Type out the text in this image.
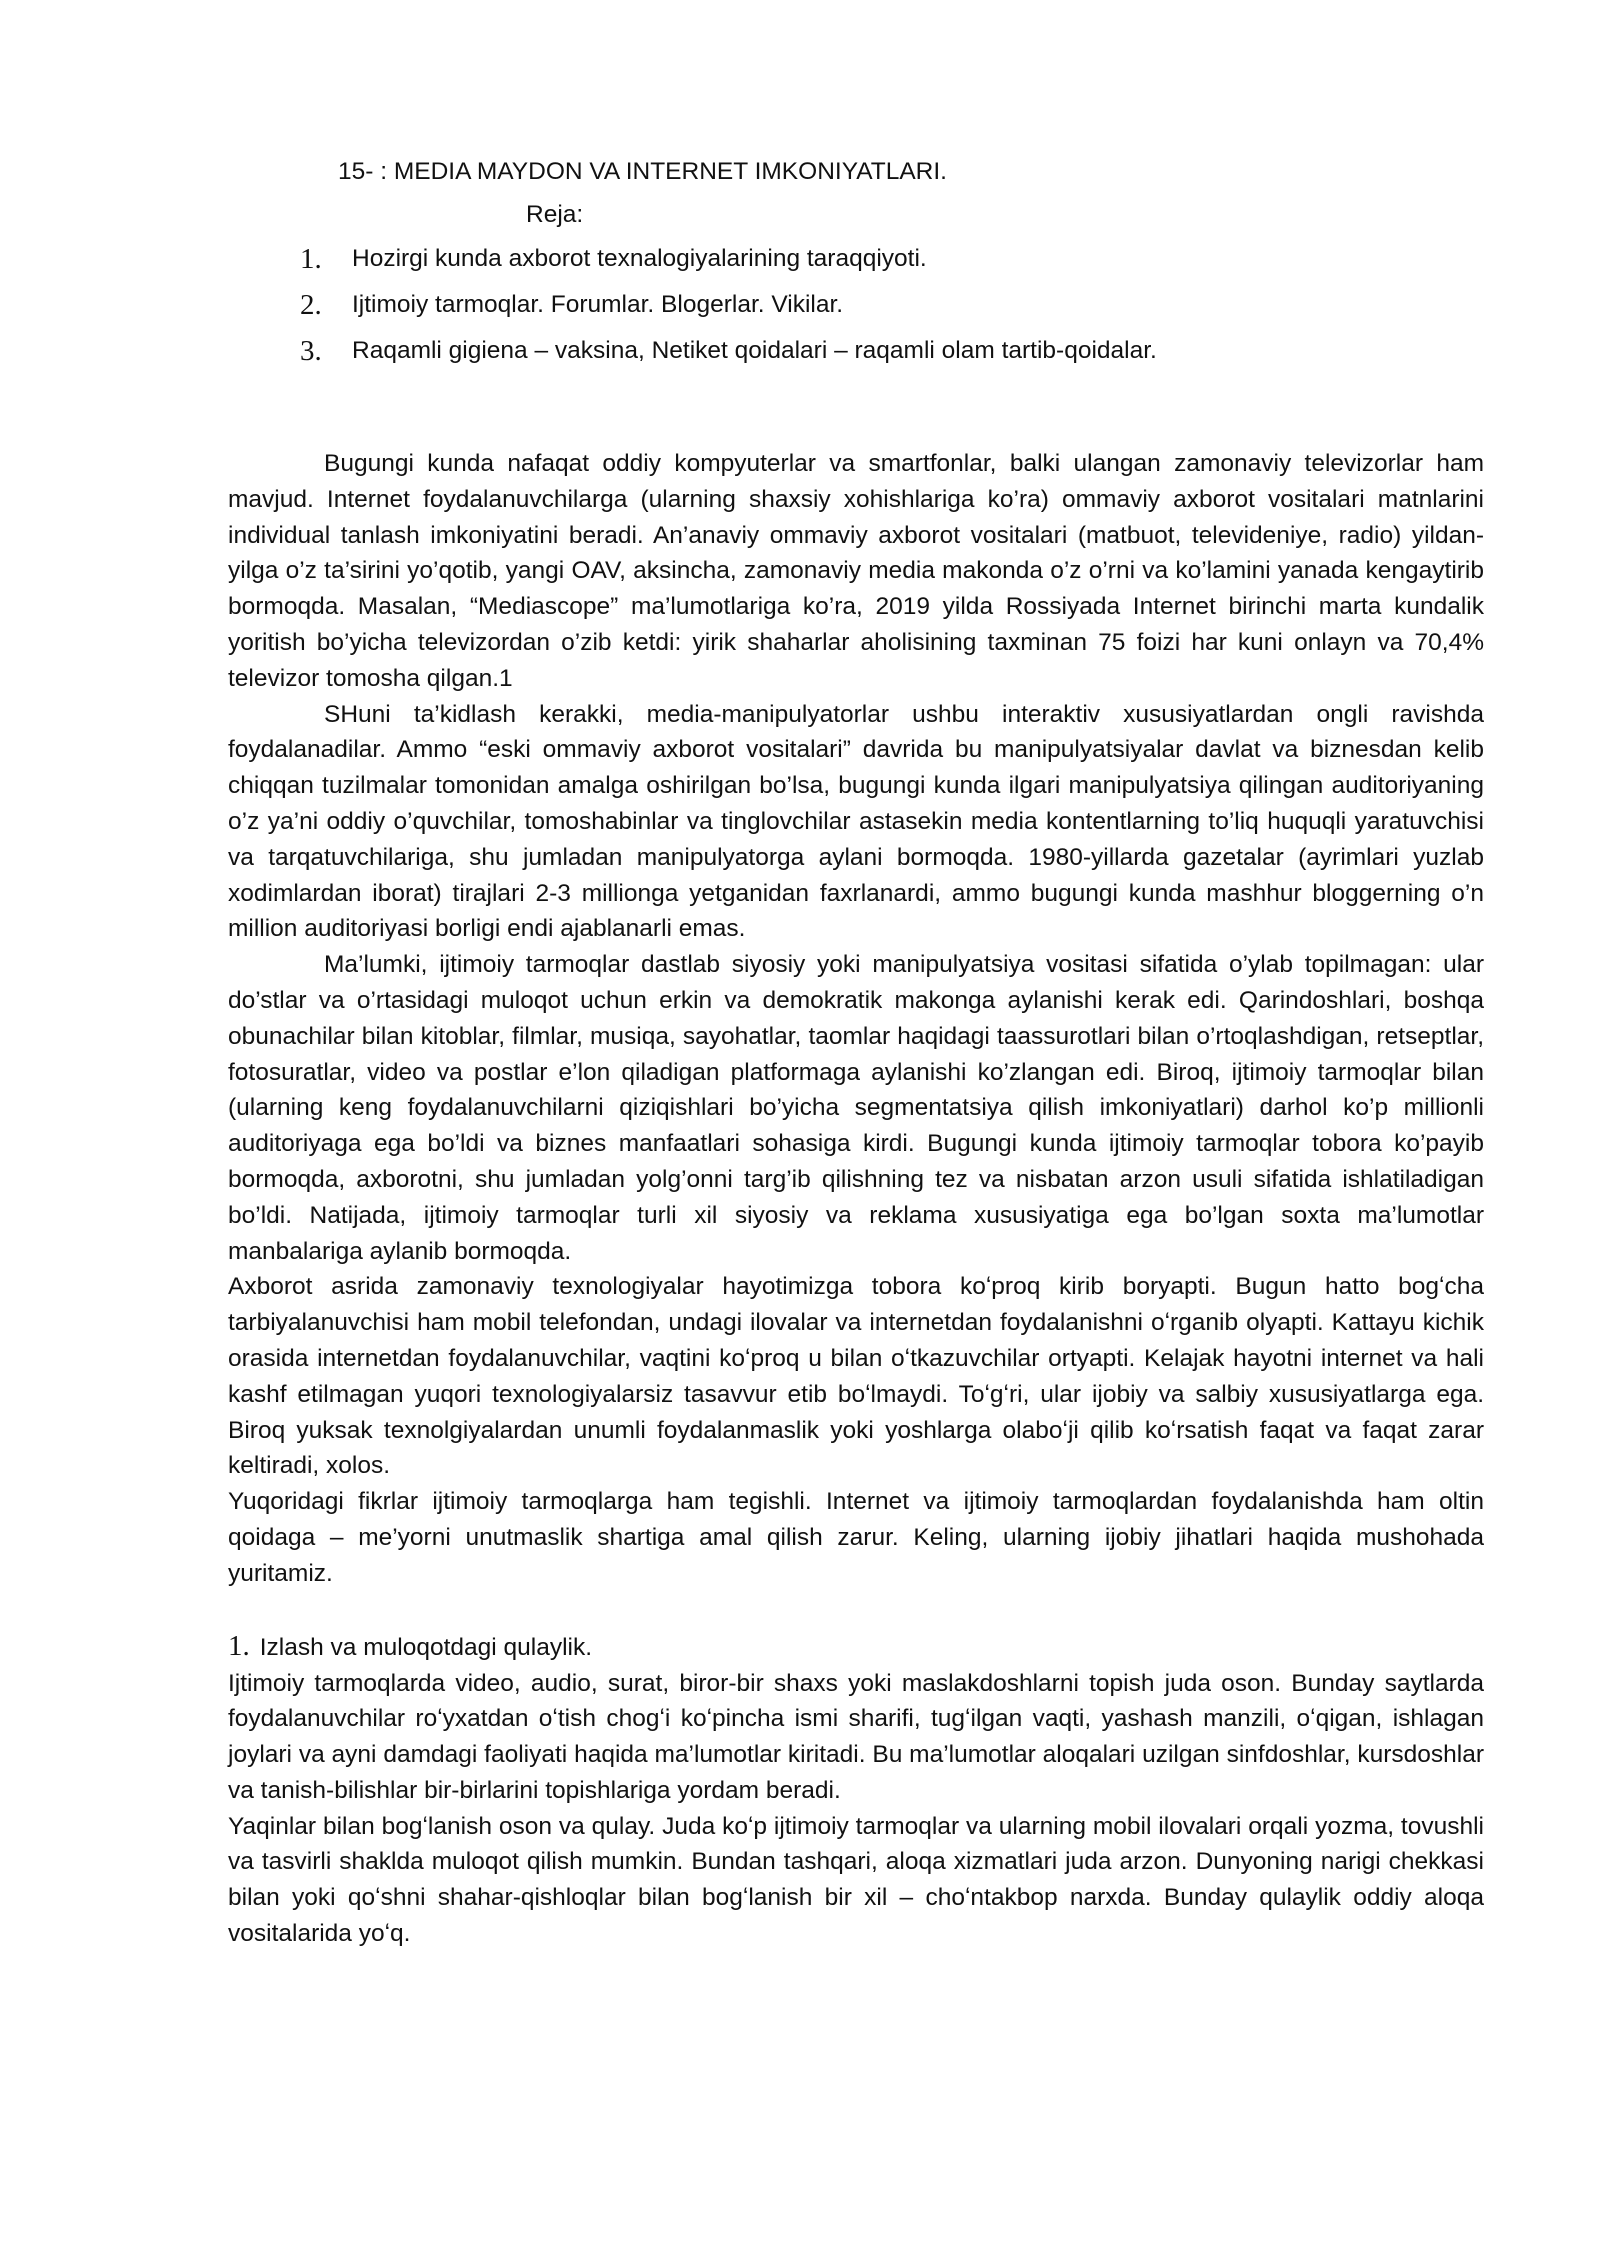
15- : MEDIA MAYDON VA INTERNET IMKONIYATLARI.
Reja:
1.	Hozirgi kunda axborot texnalogiyalarining taraqqiyoti.
2.	Ijtimoiy tarmoqlar. Forumlar. Blogerlar. Vikilar.
3.	Raqamli gigiena – vaksina, Netiket qoidalari – raqamli olam tartib-qoidalar.

Bugungi kunda nafaqat oddiy kompyuterlar va smartfonlar, balki ulangan zamonaviy televizorlar ham mavjud. Internet foydalanuvchilarga (ularning shaxsiy xohishlariga ko’ra) ommaviy axborot vositalari matnlarini individual tanlash imkoniyatini beradi. An’anaviy ommaviy axborot vositalari (matbuot, televideniye, radio) yildan-yilga o’z ta’sirini yo’qotib, yangi OAV, aksincha, zamonaviy media makonda o’z o’rni va ko’lamini yanada kengaytirib bormoqda. Masalan, “Mediascope” ma’lumotlariga ko’ra, 2019 yilda Rossiyada Internet birinchi marta kundalik yoritish bo’yicha televizordan o’zib ketdi: yirik shaharlar aholisining taxminan 75 foizi har kuni onlayn va 70,4% televizor tomosha qilgan.1

SHuni ta’kidlash kerakki, media-manipulyatorlar ushbu interaktiv xususiyatlardan ongli ravishda foydalanadilar. Ammo “eski ommaviy axborot vositalari” davrida bu manipulyatsiyalar davlat va biznesdan kelib chiqqan tuzilmalar tomonidan amalga oshirilgan bo’lsa, bugungi kunda ilgari manipulyatsiya qilingan auditoriyaning o’z ya’ni oddiy o’quvchilar, tomoshabinlar va tinglovchilar astasekin media kontentlarning to’liq huquqli yaratuvchisi va tarqatuvchilariga, shu jumladan manipulyatorga aylani bormoqda. 1980-yillarda gazetalar (ayrimlari yuzlab xodimlardan iborat) tirajlari 2-3 millionga yetganidan faxrlanardi, ammo bugungi kunda mashhur bloggerning o’n million auditoriyasi borligi endi ajablanarli emas.

Ma’lumki, ijtimoiy tarmoqlar dastlab siyosiy yoki manipulyatsiya vositasi sifatida o’ylab topilmagan: ular do’stlar va o’rtasidagi muloqot uchun erkin va demokratik makonga aylanishi kerak edi. Qarindoshlari, boshqa obunachilar bilan kitoblar, filmlar, musiqa, sayohatlar, taomlar haqidagi taassurotlari bilan o’rtoqlashdigan, retseptlar, fotosuratlar, video va postlar e’lon qiladigan platformaga aylanishi ko’zlangan edi. Biroq, ijtimoiy tarmoqlar bilan (ularning keng foydalanuvchilarni qiziqishlari bo’yicha segmentatsiya qilish imkoniyatlari) darhol ko’p millionli auditoriyaga ega bo’ldi va biznes manfaatlari sohasiga kirdi. Bugungi kunda ijtimoiy tarmoqlar tobora ko’payib bormoqda, axborotni, shu jumladan yolg’onni targ’ib qilishning tez va nisbatan arzon usuli sifatida ishlatiladigan bo’ldi. Natijada, ijtimoiy tarmoqlar turli xil siyosiy va reklama xususiyatiga ega bo’lgan soxta ma’lumotlar manbalariga aylanib bormoqda.

Axborot asrida zamonaviy texnologiyalar hayotimizga tobora koʻproq kirib boryapti. Bugun hatto bogʻcha tarbiyalanuvchisi ham mobil telefondan, undagi ilovalar va internetdan foydalanishni oʻrganib olyapti. Kattayu kichik orasida internetdan foydalanuvchilar, vaqtini koʻproq u bilan oʻtkazuvchilar ortyapti. Kelajak hayotni internet va hali kashf etilmagan yuqori texnologiyalarsiz tasavvur etib boʻlmaydi. Toʻgʻri, ular ijobiy va salbiy xususiyatlarga ega. Biroq yuksak texnolgiyalardan unumli foydalanmaslik yoki yoshlarga olaboʻji qilib koʻrsatish faqat va faqat zarar keltiradi, xolos.

Yuqoridagi fikrlar ijtimoiy tarmoqlarga ham tegishli. Internet va ijtimoiy tarmoqlardan foydalanishda ham oltin qoidaga – me’yorni unutmaslik shartiga amal qilish zarur. Keling, ularning ijobiy jihatlari haqida mushohada yuritamiz.

1. Izlash va muloqotdagi qulaylik.

Ijtimoiy tarmoqlarda video, audio, surat, biror-bir shaxs yoki maslakdoshlarni topish juda oson. Bunday saytlarda foydalanuvchilar roʻyxatdan oʻtish chogʻi koʻpincha ismi sharifi, tugʻilgan vaqti, yashash manzili, oʻqigan, ishlagan joylari va ayni damdagi faoliyati haqida ma’lumotlar kiritadi. Bu ma’lumotlar aloqalari uzilgan sinfdoshlar, kursdoshlar va tanish-bilishlar bir-birlarini topishlariga yordam beradi.

Yaqinlar bilan bogʻlanish oson va qulay. Juda koʻp ijtimoiy tarmoqlar va ularning mobil ilovalari orqali yozma, tovushli va tasvirli shaklda muloqot qilish mumkin. Bundan tashqari, aloqa xizmatlari juda arzon. Dunyoning narigi chekkasi bilan yoki qoʻshni shahar-qishloqlar bilan bogʻlanish bir xil – choʻntakbop narxda. Bunday qulaylik oddiy aloqa vositalarida yoʻq.
